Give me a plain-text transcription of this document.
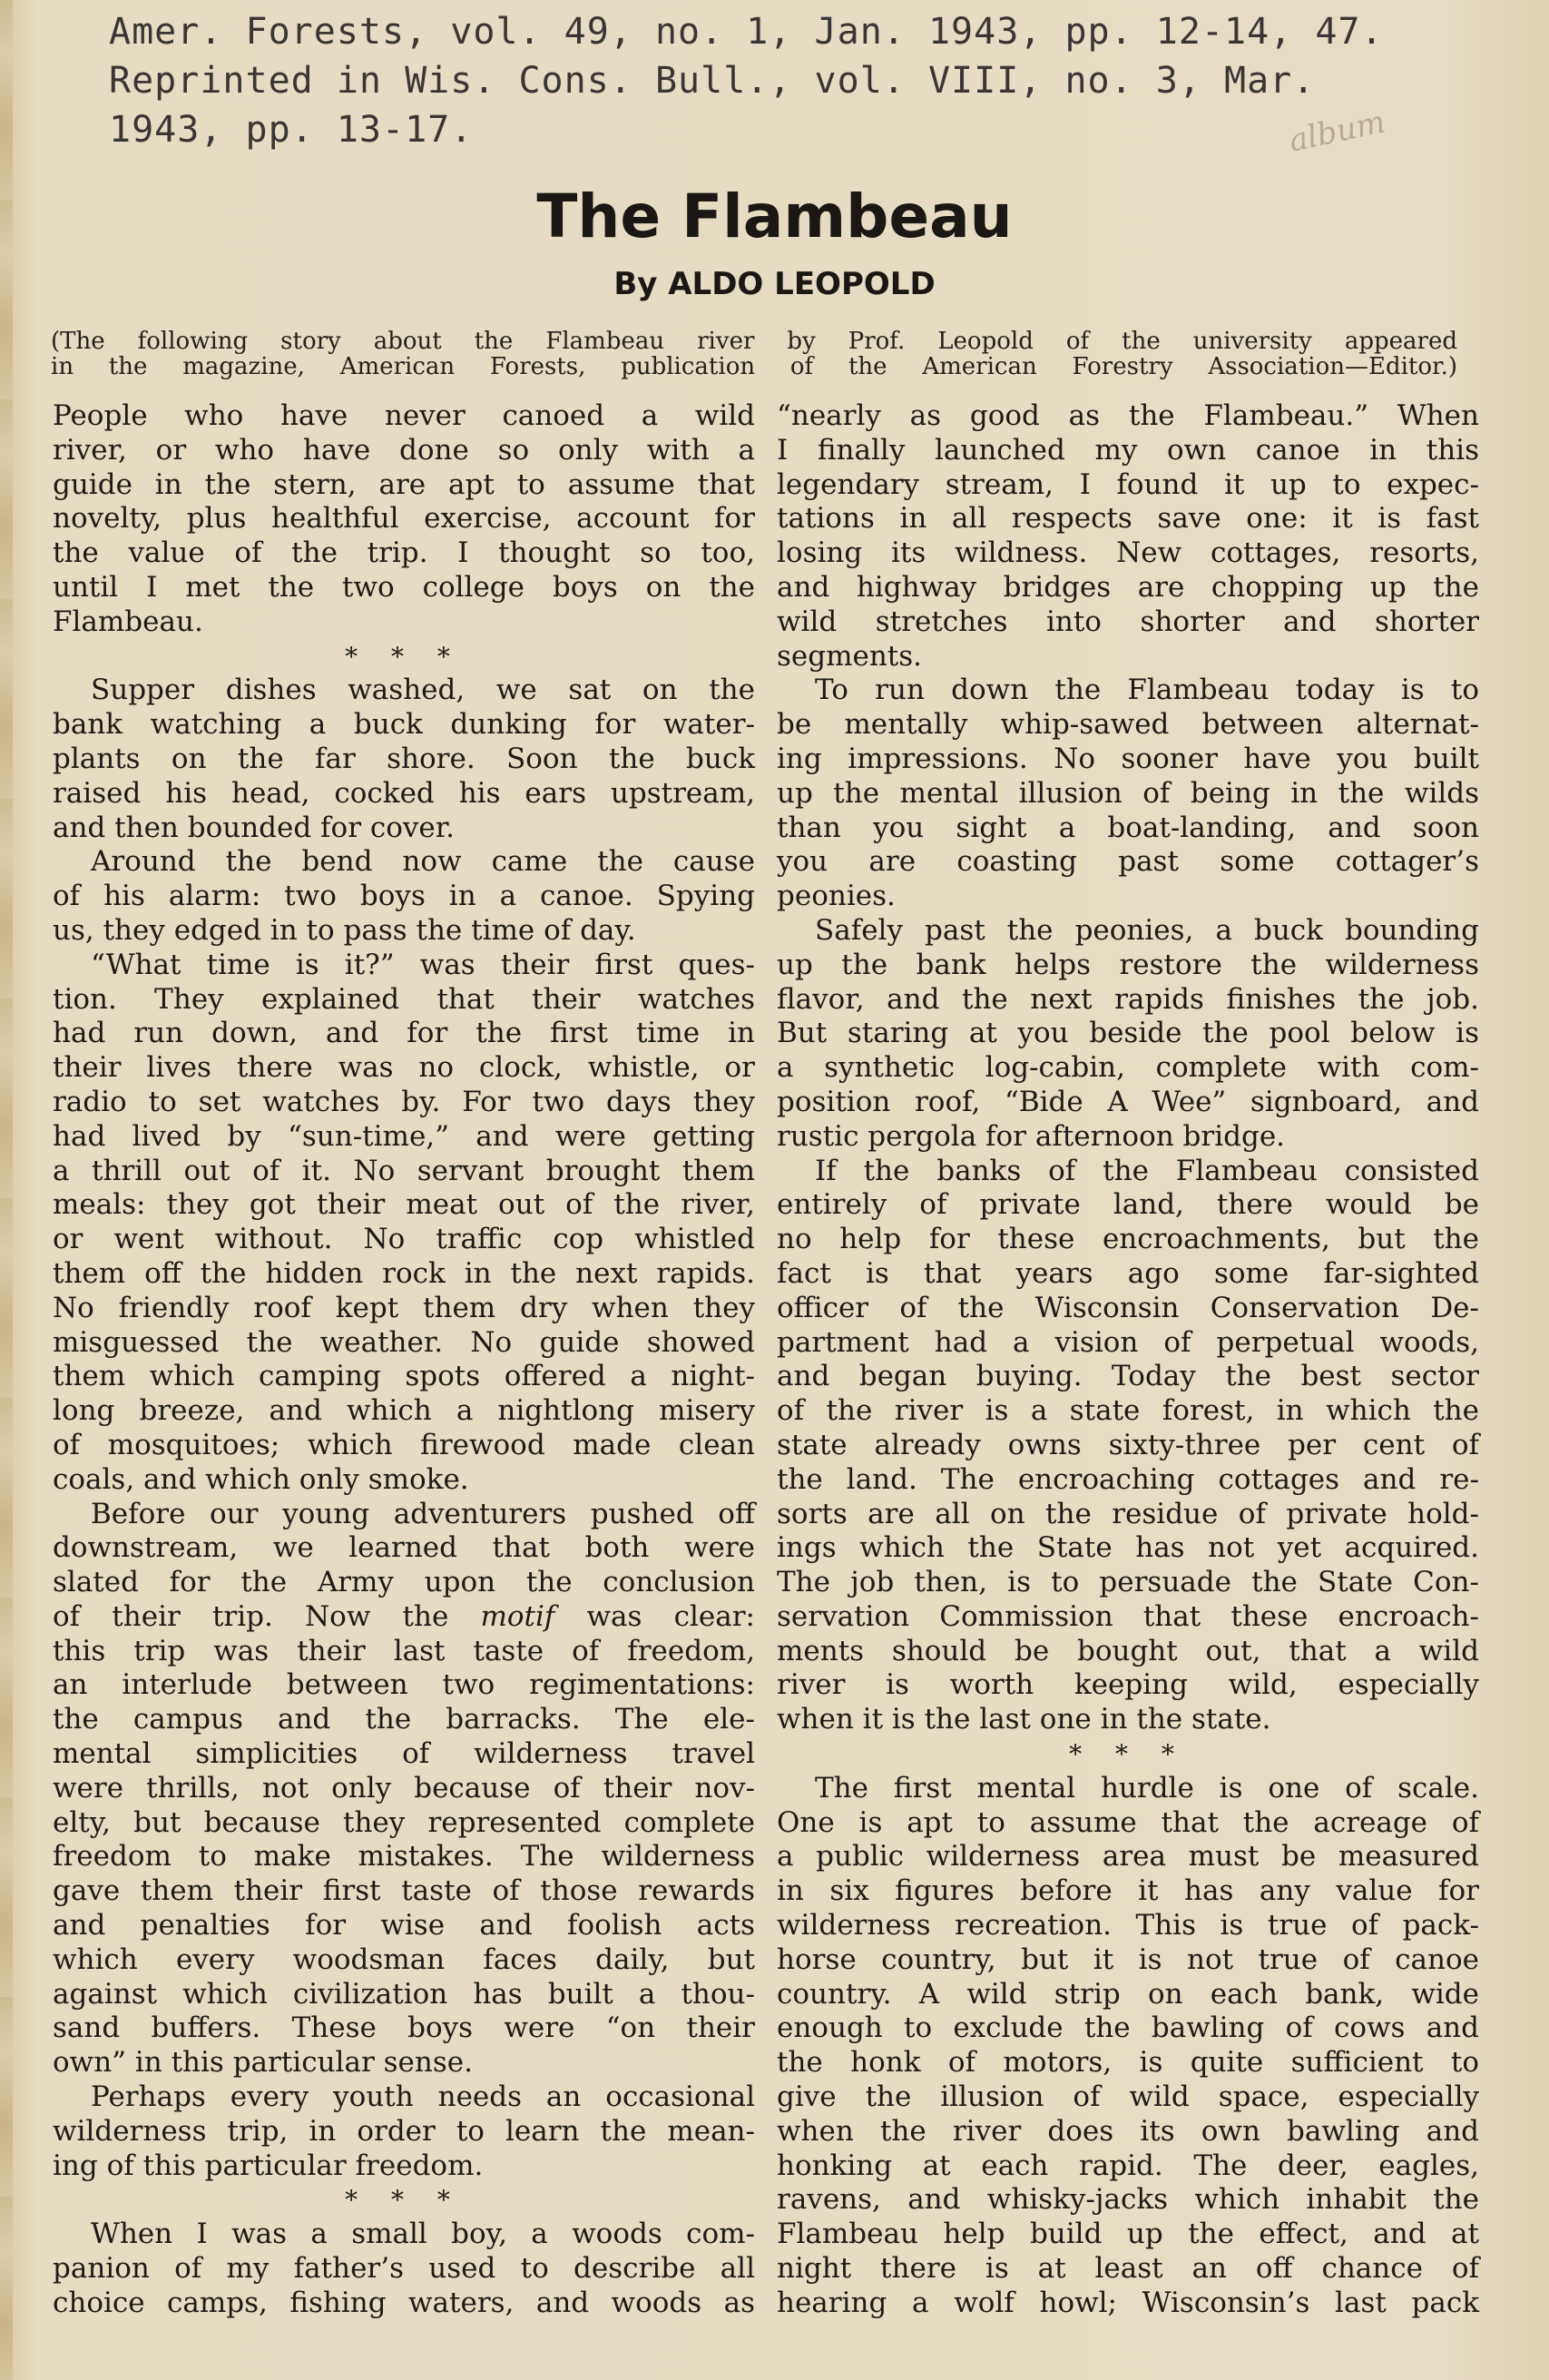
Amer. Forests, vol. 49, no. 1, Jan. 1943, pp. 12-14, 47.
Reprinted in Wis. Cons. Bull., vol. VIII, no. 3, Mar.
1943, pp. 13-17.	album
The Flambeau
By ALDO LEOPOLD
(The following story about the Flambeau river by Prof. Leopold of the university appeared
in the magazine, American Forests, publication of the American Forestry Association—Editor.)
People who have never canoed a wild
river, or who have done so only with a
guide in the stern, are apt to assume that
novelty, plus healthful exercise, account for
the value of the trip. I thought so too,
until I met the two college boys on the
Flambeau.
* * *
Supper dishes washed, we sat on the
bank watching a buck dunking for water-
plants on the far shore. Soon the buck
raised his head, cocked his ears upstream,
and then bounded for cover.
Around the bend now came the cause
of his alarm: two boys in a canoe. Spying
us, they edged in to pass the time of day.
“What time is it?” was their first ques-
tion. They explained that their watches
had run down, and for the first time in
their lives there was no clock, whistle, or
radio to set watches by. For two days they
had lived by “sun-time,” and were getting
a thrill out of it. No servant brought them
meals: they got their meat out of the river,
or went without. No traffic cop whistled
them off the hidden rock in the next rapids.
No friendly roof kept them dry when they
misguessed the weather. No guide showed
them which camping spots offered a night-
long breeze, and which a nightlong misery
of mosquitoes; which firewood made clean
coals, and which only smoke.
Before our young adventurers pushed off
downstream, we learned that both were
slated for the Army upon the conclusion
of their trip. Now the motif was clear:
this trip was their last taste of freedom,
an interlude between two regimentations:
the campus and the barracks. The ele-
mental simplicities of wilderness travel
were thrills, not only because of their nov-
elty, but because they represented complete
freedom to make mistakes. The wilderness
gave them their first taste of those rewards
and penalties for wise and foolish acts
which every woodsman faces daily, but
against which civilization has built a thou-
sand buffers. These boys were “on their
own” in this particular sense.
Perhaps every youth needs an occasional
wilderness trip, in order to learn the mean-
ing of this particular freedom.
* * *
When I was a small boy, a woods com-
panion of my father’s used to describe all
choice camps, fishing waters, and woods as
“nearly as good as the Flambeau.” When
I finally launched my own canoe in this
legendary stream, I found it up to expec-
tations in all respects save one: it is fast
losing its wildness. New cottages, resorts,
and highway bridges are chopping up the
wild stretches into shorter and shorter
segments.
To run down the Flambeau today is to
be mentally whip-sawed between alternat-
ing impressions. No sooner have you built
up the mental illusion of being in the wilds
than you sight a boat-landing, and soon
you are coasting past some cottager’s
peonies.
Safely past the peonies, a buck bounding
up the bank helps restore the wilderness
flavor, and the next rapids finishes the job.
But staring at you beside the pool below is
a synthetic log-cabin, complete with com-
position roof, “Bide A Wee” signboard, and
rustic pergola for afternoon bridge.
If the banks of the Flambeau consisted
entirely of private land, there would be
no help for these encroachments, but the
fact is that years ago some far-sighted
officer of the Wisconsin Conservation De-
partment had a vision of perpetual woods,
and began buying. Today the best sector
of the river is a state forest, in which the
state already owns sixty-three per cent of
the land. The encroaching cottages and re-
sorts are all on the residue of private hold-
ings which the State has not yet acquired.
The job then, is to persuade the State Con-
servation Commission that these encroach-
ments should be bought out, that a wild
river is worth keeping wild, especially
when it is the last one in the state.
* * *
The first mental hurdle is one of scale.
One is apt to assume that the acreage of
a public wilderness area must be measured
in six figures before it has any value for
wilderness recreation. This is true of pack-
horse country, but it is not true of canoe
country. A wild strip on each bank, wide
enough to exclude the bawling of cows and
the honk of motors, is quite sufficient to
give the illusion of wild space, especially
when the river does its own bawling and
honking at each rapid. The deer, eagles,
ravens, and whisky-jacks which inhabit the
Flambeau help build up the effect, and at
night there is at least an off chance of
hearing a wolf howl; Wisconsin’s last pack
